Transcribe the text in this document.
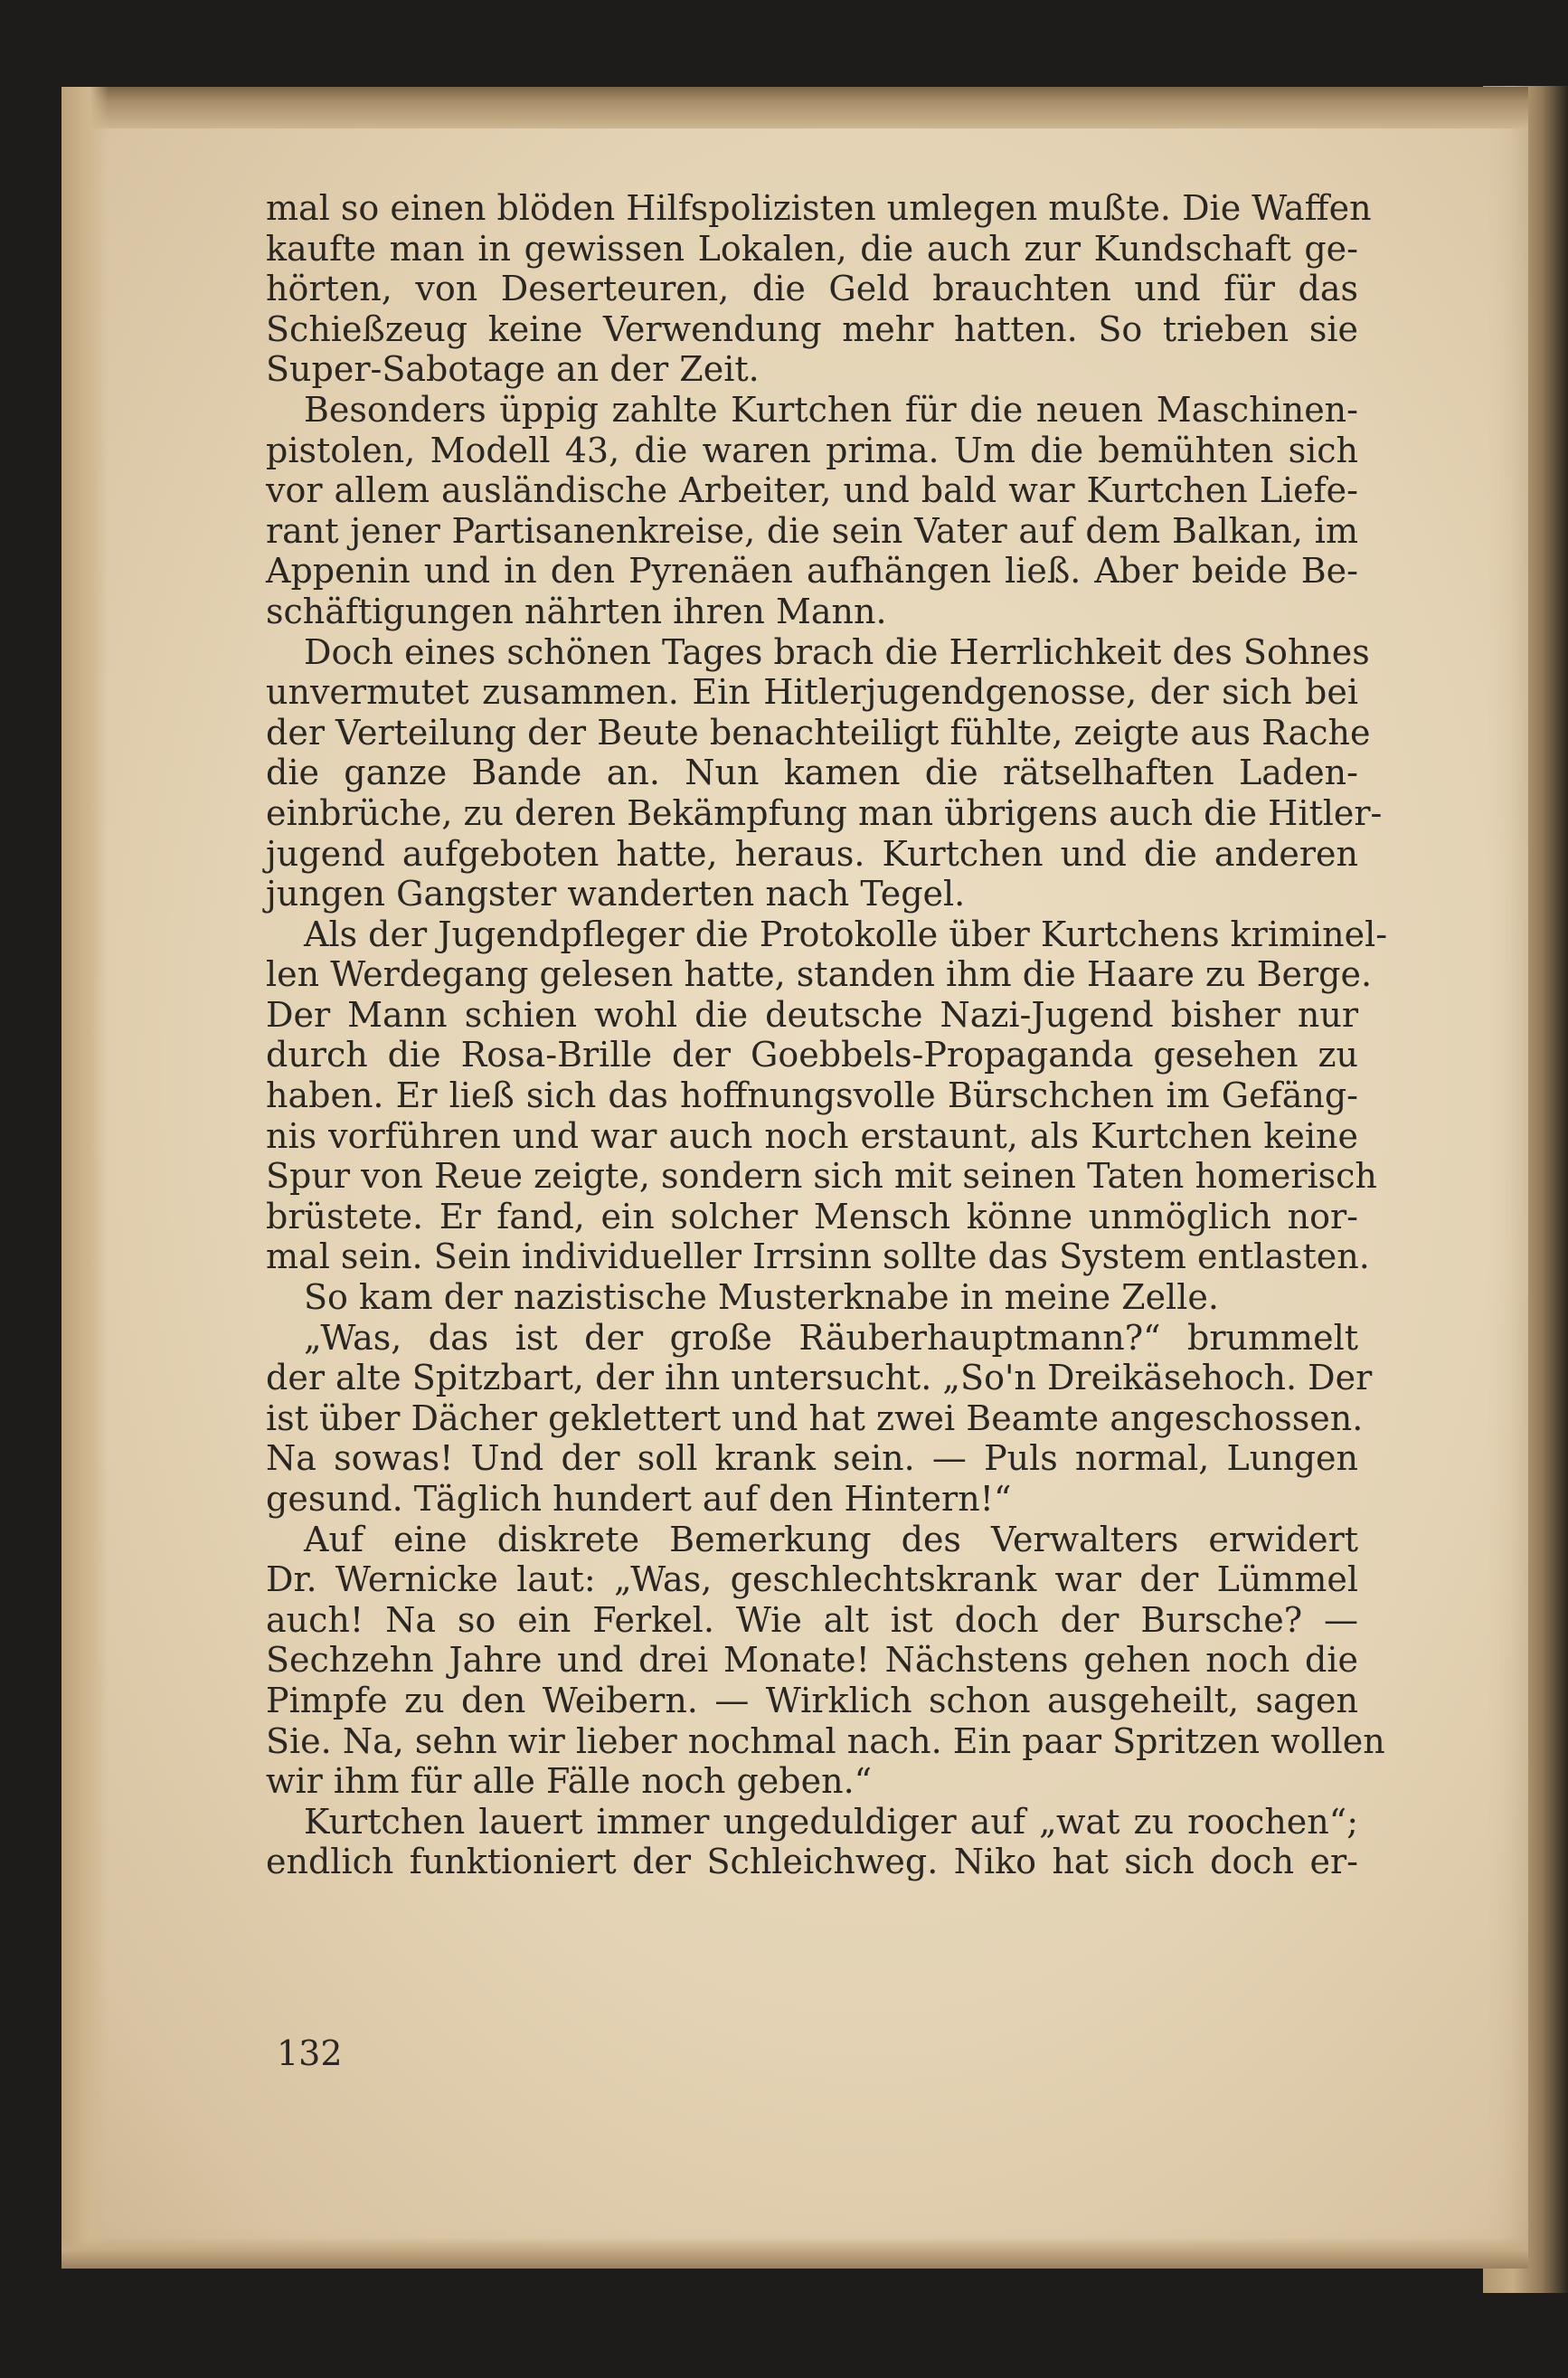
mal so einen blöden Hilfspolizisten umlegen mußte. Die Waffen
kaufte man in gewissen Lokalen, die auch zur Kundschaft ge-
hörten, von Deserteuren, die Geld brauchten und für das
Schießzeug keine Verwendung mehr hatten. So trieben sie
Super-Sabotage an der Zeit.
Besonders üppig zahlte Kurtchen für die neuen Maschinen-
pistolen, Modell 43, die waren prima. Um die bemühten sich
vor allem ausländische Arbeiter, und bald war Kurtchen Liefe-
rant jener Partisanenkreise, die sein Vater auf dem Balkan, im
Appenin und in den Pyrenäen aufhängen ließ. Aber beide Be-
schäftigungen nährten ihren Mann.
Doch eines schönen Tages brach die Herrlichkeit des Sohnes
unvermutet zusammen. Ein Hitlerjugendgenosse, der sich bei
der Verteilung der Beute benachteiligt fühlte, zeigte aus Rache
die ganze Bande an. Nun kamen die rätselhaften Laden-
einbrüche, zu deren Bekämpfung man übrigens auch die Hitler-
jugend aufgeboten hatte, heraus. Kurtchen und die anderen
jungen Gangster wanderten nach Tegel.
Als der Jugendpfleger die Protokolle über Kurtchens kriminel-
len Werdegang gelesen hatte, standen ihm die Haare zu Berge.
Der Mann schien wohl die deutsche Nazi-Jugend bisher nur
durch die Rosa-Brille der Goebbels-Propaganda gesehen zu
haben. Er ließ sich das hoffnungsvolle Bürschchen im Gefäng-
nis vorführen und war auch noch erstaunt, als Kurtchen keine
Spur von Reue zeigte, sondern sich mit seinen Taten homerisch
brüstete. Er fand, ein solcher Mensch könne unmöglich nor-
mal sein. Sein individueller Irrsinn sollte das System entlasten.
So kam der nazistische Musterknabe in meine Zelle.
„Was, das ist der große Räuberhauptmann?“ brummelt
der alte Spitzbart, der ihn untersucht. „So'n Dreikäsehoch. Der
ist über Dächer geklettert und hat zwei Beamte angeschossen.
Na sowas! Und der soll krank sein. — Puls normal, Lungen
gesund. Täglich hundert auf den Hintern!“
Auf eine diskrete Bemerkung des Verwalters erwidert
Dr. Wernicke laut: „Was, geschlechtskrank war der Lümmel
auch! Na so ein Ferkel. Wie alt ist doch der Bursche? —
Sechzehn Jahre und drei Monate! Nächstens gehen noch die
Pimpfe zu den Weibern. — Wirklich schon ausgeheilt, sagen
Sie. Na, sehn wir lieber nochmal nach. Ein paar Spritzen wollen
wir ihm für alle Fälle noch geben.“
Kurtchen lauert immer ungeduldiger auf „wat zu roochen“;
endlich funktioniert der Schleichweg. Niko hat sich doch er-
132
